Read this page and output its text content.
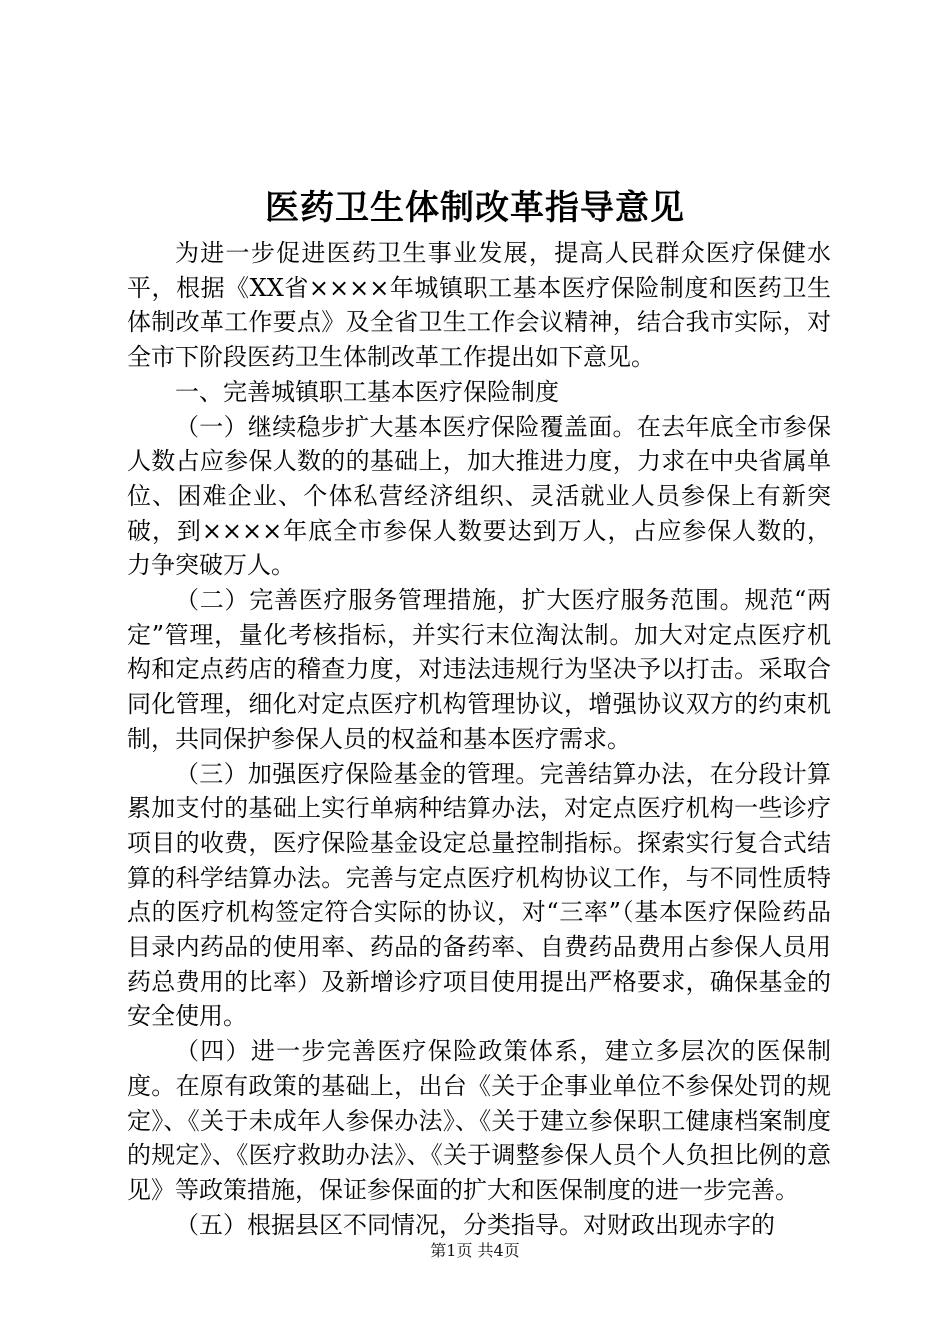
医药卫生体制改革指导意见

为进一步促进医药卫生事业发展，提高人民群众医疗保健水平，根据《XX省××××年城镇职工基本医疗保险制度和医药卫生体制改革工作要点》及全省卫生工作会议精神，结合我市实际，对全市下阶段医药卫生体制改革工作提出如下意见。

一、完善城镇职工基本医疗保险制度

（一）继续稳步扩大基本医疗保险覆盖面。在去年底全市参保人数占应参保人数的的基础上，加大推进力度，力求在中央省属单位、困难企业、个体私营经济组织、灵活就业人员参保上有新突破，到××××年底全市参保人数要达到万人，占应参保人数的，力争突破万人。

（二）完善医疗服务管理措施，扩大医疗服务范围。规范“两定”管理，量化考核指标，并实行末位淘汰制。加大对定点医疗机构和定点药店的稽查力度，对违法违规行为坚决予以打击。采取合同化管理，细化对定点医疗机构管理协议，增强协议双方的约束机制，共同保护参保人员的权益和基本医疗需求。

（三）加强医疗保险基金的管理。完善结算办法，在分段计算累加支付的基础上实行单病种结算办法，对定点医疗机构一些诊疗项目的收费，医疗保险基金设定总量控制指标。探索实行复合式结算的科学结算办法。完善与定点医疗机构协议工作，与不同性质特点的医疗机构签定符合实际的协议，对“三率”（基本医疗保险药品目录内药品的使用率、药品的备药率、自费药品费用占参保人员用药总费用的比率）及新增诊疗项目使用提出严格要求，确保基金的安全使用。

（四）进一步完善医疗保险政策体系，建立多层次的医保制度。在原有政策的基础上，出台《关于企事业单位不参保处罚的规定》、《关于未成年人参保办法》、《关于建立参保职工健康档案制度的规定》、《医疗救助办法》、《关于调整参保人员个人负担比例的意见》等政策措施，保证参保面的扩大和医保制度的进一步完善。

（五）根据县区不同情况，分类指导。对财政出现赤字的

第1页 共4页
